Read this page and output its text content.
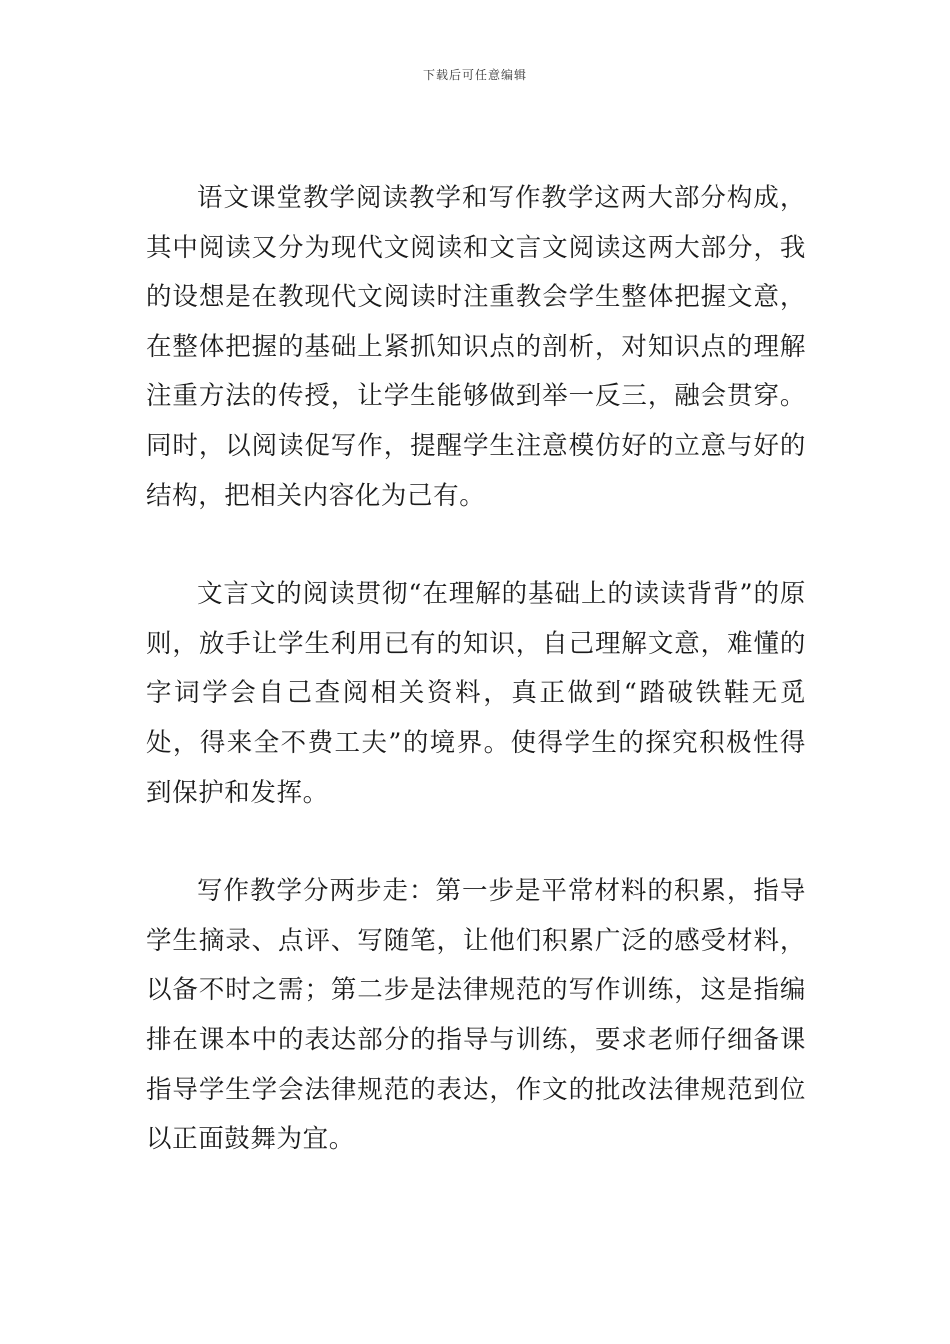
下载后可任意编辑

语文课堂教学阅读教学和写作教学这两大部分构成，其中阅读又分为现代文阅读和文言文阅读这两大部分，我的设想是在教现代文阅读时注重教会学生整体把握文意，在整体把握的基础上紧抓知识点的剖析，对知识点的理解注重方法的传授，让学生能够做到举一反三，融会贯穿。同时，以阅读促写作，提醒学生注意模仿好的立意与好的结构，把相关内容化为己有。

文言文的阅读贯彻“在理解的基础上的读读背背”的原则，放手让学生利用已有的知识，自己理解文意，难懂的字词学会自己查阅相关资料，真正做到“踏破铁鞋无觅处，得来全不费工夫”的境界。使得学生的探究积极性得到保护和发挥。

写作教学分两步走：第一步是平常材料的积累，指导学生摘录、点评、写随笔，让他们积累广泛的感受材料，以备不时之需；第二步是法律规范的写作训练，这是指编排在课本中的表达部分的指导与训练，要求老师仔细备课指导学生学会法律规范的表达，作文的批改法律规范到位以正面鼓舞为宜。
